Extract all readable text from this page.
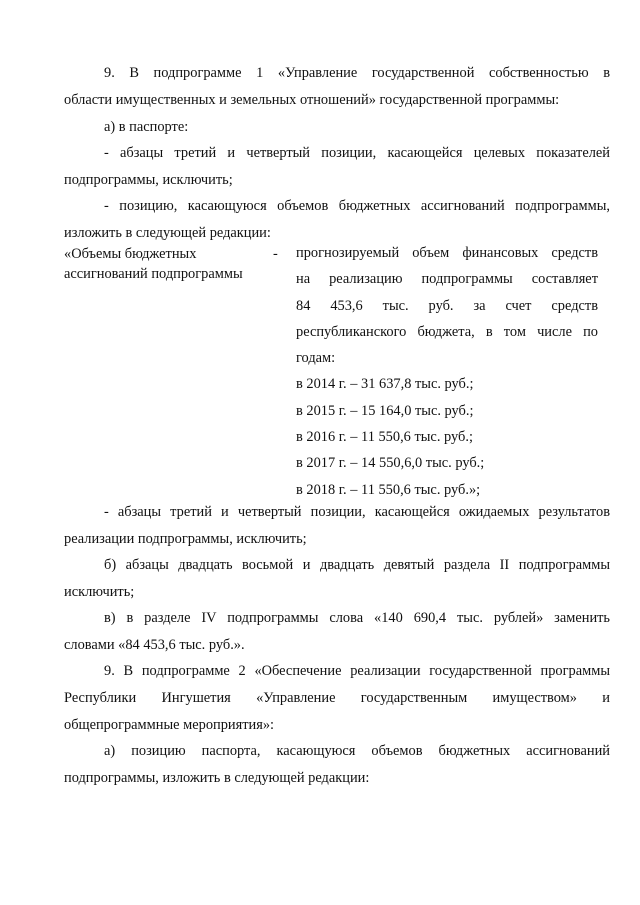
9. В подпрограмме 1 «Управление государственной собственностью в
области имущественных и земельных отношений» государственной программы:
а) в паспорте:
- абзацы третий и четвертый позиции, касающейся целевых показателей
подпрограммы, исключить;
- позицию, касающуюся объемов бюджетных ассигнований подпрограммы,
изложить в следующей редакции:
«Объемы бюджетных
ассигнований подпрограммы
- прогнозируемый объем финансовых средств
на реализацию подпрограммы составляет
84 453,6 тыс. руб. за счет средств
республиканского бюджета, в том числе по
годам:
в 2014 г. – 31 637,8 тыс. руб.;
в 2015 г. – 15 164,0 тыс. руб.;
в 2016 г. – 11 550,6 тыс. руб.;
в 2017 г. – 14 550,6,0 тыс. руб.;
в 2018 г. – 11 550,6 тыс. руб.»;
- абзацы третий и четвертый позиции, касающейся ожидаемых результатов
реализации подпрограммы, исключить;
б) абзацы двадцать восьмой и двадцать девятый раздела II подпрограммы
исключить;
в) в разделе IV подпрограммы слова «140 690,4 тыс. рублей» заменить
словами «84 453,6 тыс. руб.».
9. В подпрограмме 2 «Обеспечение реализации государственной программы
Республики Ингушетия «Управление государственным имуществом» и
общепрограммные мероприятия»:
а) позицию паспорта, касающуюся объемов бюджетных ассигнований
подпрограммы, изложить в следующей редакции:
